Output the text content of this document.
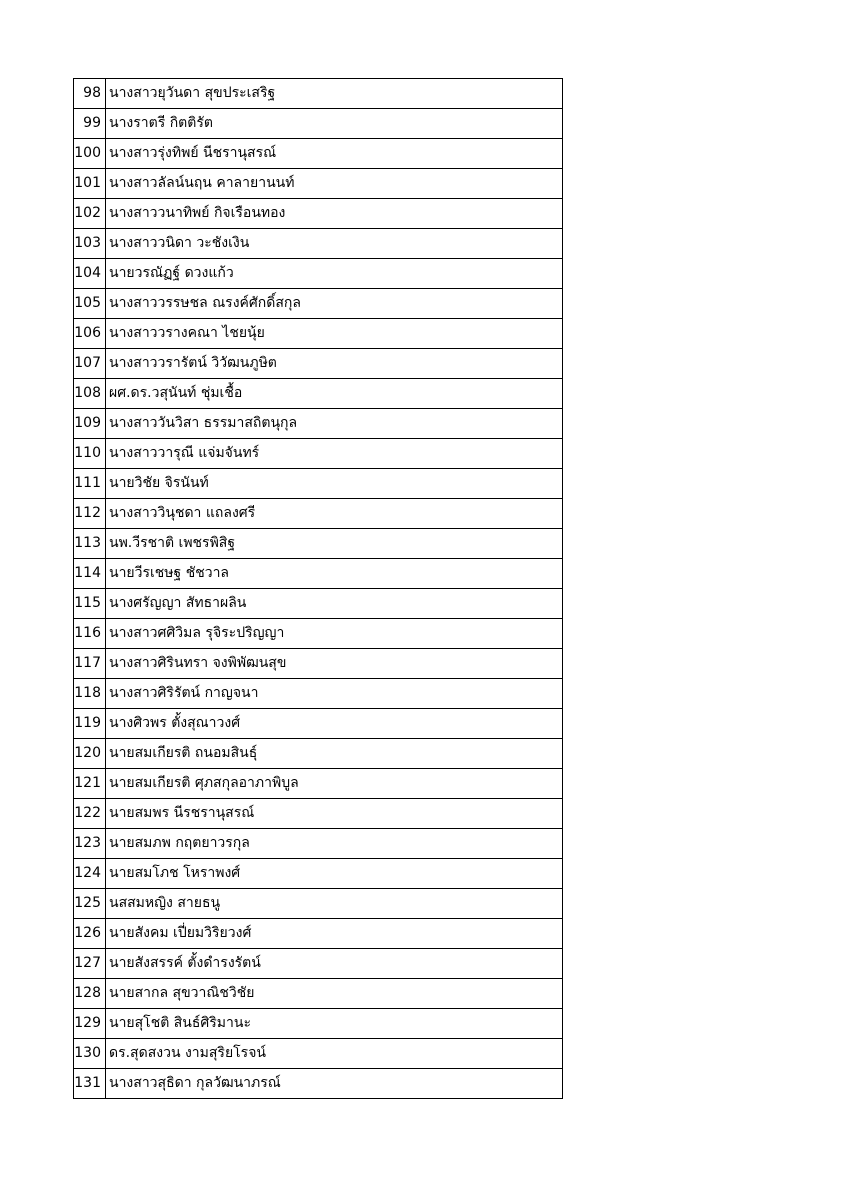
98	นางสาวยุวันดา สุขประเสริฐ
99	นางราตรี กิตติรัต
100	นางสาวรุ่งทิพย์ นีชรานุสรณ์
101	นางสาวลัลน์นฤน คาลายานนท์
102	นางสาววนาทิพย์ กิจเรือนทอง
103	นางสาววนิดา วะชังเงิน
104	นายวรณัฏฐ์ ดวงแก้ว
105	นางสาววรรษชล ณรงค์ศักดิ์สกุล
106	นางสาววรางคณา ไชยนุ้ย
107	นางสาววรารัตน์ วิวัฒนภูษิต
108	ผศ.ดร.วสุนันท์ ชุ่มเชื้อ
109	นางสาววันวิสา ธรรมาสถิตนุกุล
110	นางสาววารุณี แจ่มจันทร์
111	นายวิชัย จิรนันท์
112	นางสาววินุชดา แถลงศรี
113	นพ.วีรชาติ เพชรพิสิฐ
114	นายวีรเชษฐ ชัชวาล
115	นางศรัญญา สัทธาผลิน
116	นางสาวศศิวิมล รุจิระปริญญา
117	นางสาวศิรินทรา จงพิพัฒนสุข
118	นางสาวศิริรัตน์ กาญจนา
119	นางศิวพร ตั้งสุณาวงศ์
120	นายสมเกียรติ ถนอมสินธุ์
121	นายสมเกียรติ ศุภสกุลอาภาพิบูล
122	นายสมพร นีรชรานุสรณ์
123	นายสมภพ กฤตยาวรกุล
124	นายสมโภช โหราพงศ์
125	นสสมหญิง สายธนู
126	นายสังคม เปี่ยมวิริยวงศ์
127	นายสังสรรค์ ตั้งดำรงรัตน์
128	นายสากล สุขวาณิชวิชัย
129	นายสุโชติ สินธ์ศิริมานะ
130	ดร.สุดสงวน งามสุริยโรจน์
131	นางสาวสุธิดา กุลวัฒนาภรณ์
